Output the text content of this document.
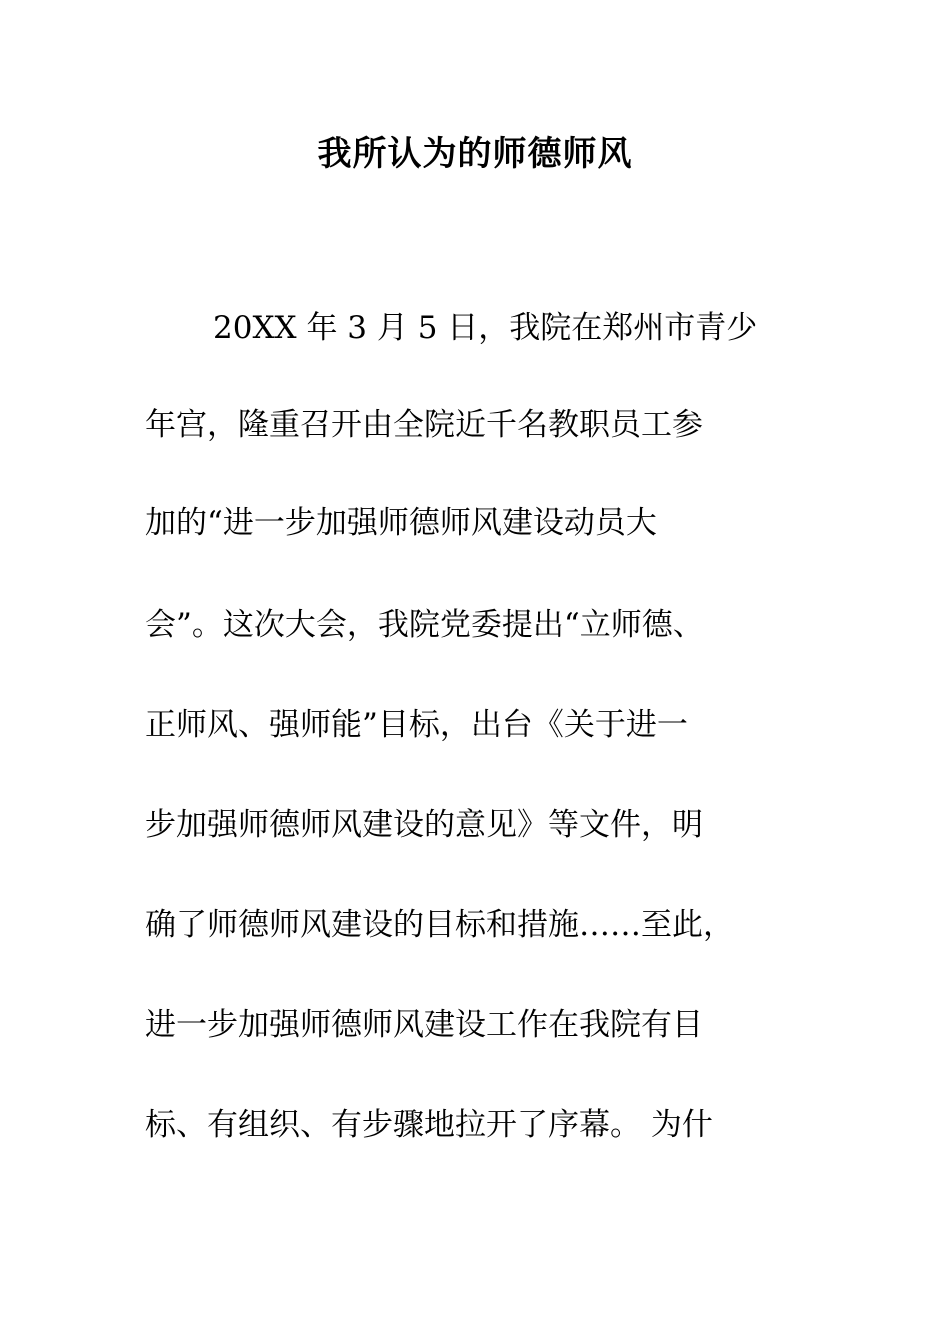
我所认为的师德师风
20XX 年 3 月 5 日，我院在郑州市青少
年宫，隆重召开由全院近千名教职员工参
加的“进一步加强师德师风建设动员大
会”。这次大会，我院党委提出“立师德、
正师风、强师能”目标，出台《关于进一
步加强师德师风建设的意见》等文件，明
确了师德师风建设的目标和措施……至此，
进一步加强师德师风建设工作在我院有目
标、有组织、有步骤地拉开了序幕。 为什
